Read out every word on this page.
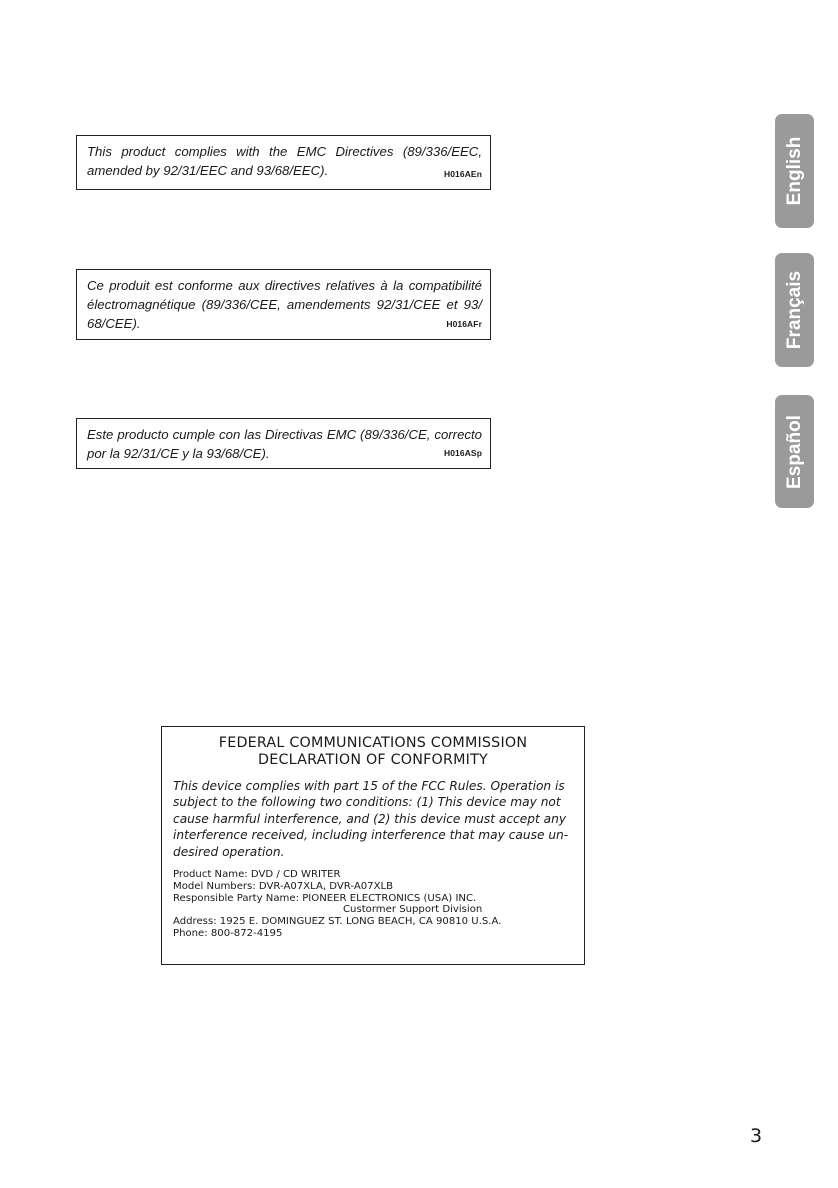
This product complies with the EMC Directives (89/336/EEC, amended by 92/31/EEC and 93/68/EEC).	H016AEn
Ce produit est conforme aux directives relatives à la compatibilité électromagnétique (89/336/CEE, amendements 92/31/CEE et 93/ 68/CEE).	H016AFr
Este producto cumple con las Directivas EMC (89/336/CE, correcto por la 92/31/CE y la 93/68/CE).	H016ASp
English
Français
Español
FEDERAL COMMUNICATIONS COMMISSION
DECLARATION OF CONFORMITY
This device complies with part 15 of the FCC Rules. Operation is subject to the following two conditions: (1) This device may not cause harmful interference, and (2) this device must accept any interference received, including interference that may cause un- desired operation.
Product Name: DVD / CD WRITER
Model Numbers: DVR-A07XLA, DVR-A07XLB
Responsible Party Name: PIONEER ELECTRONICS (USA) INC.
Custormer Support Division
Address: 1925 E. DOMINGUEZ ST. LONG BEACH, CA 90810 U.S.A.
Phone: 800-872-4195
3
